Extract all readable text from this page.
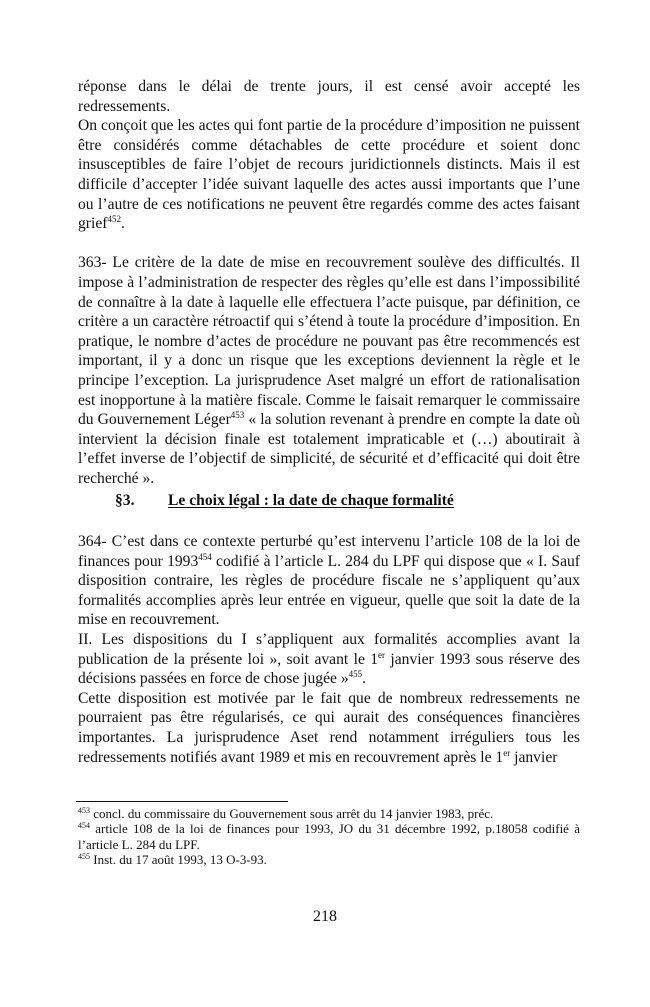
réponse dans le délai de trente jours, il est censé avoir accepté les redressements.

On conçoit que les actes qui font partie de la procédure d’imposition ne puissent être considérés comme détachables de cette procédure et soient donc insusceptibles de faire l’objet de recours juridictionnels distincts. Mais il est difficile d’accepter l’idée suivant laquelle des actes aussi importants que l’une ou l’autre de ces notifications ne peuvent être regardés comme des actes faisant grief$^{452}$.

363- Le critère de la date de mise en recouvrement soulève des difficultés. Il impose à l’administration de respecter des règles qu’elle est dans l’impossibilité de connaître à la date à laquelle elle effectuera l’acte puisque, par définition, ce critère a un caractère rétroactif qui s’étend à toute la procédure d’imposition. En pratique, le nombre d’actes de procédure ne pouvant pas être recommencés est important, il y a donc un risque que les exceptions deviennent la règle et le principe l’exception. La jurisprudence Aset malgré un effort de rationalisation est inopportune à la matière fiscale. Comme le faisait remarquer le commissaire du Gouvernement Léger$^{453}$ « la solution revenant à prendre en compte la date où intervient la décision finale est totalement impraticable et (…) aboutirait à l’effet inverse de l’objectif de simplicité, de sécurité et d’efficacité qui doit être recherché ».

§3. Le choix légal : la date de chaque formalité

364- C’est dans ce contexte perturbé qu’est intervenu l’article 108 de la loi de finances pour 1993$^{454}$ codifié à l’article L. 284 du LPF qui dispose que « I. Sauf disposition contraire, les règles de procédure fiscale ne s’appliquent qu’aux formalités accomplies après leur entrée en vigueur, quelle que soit la date de la mise en recouvrement.

II. Les dispositions du I s’appliquent aux formalités accomplies avant la publication de la présente loi », soit avant le 1er janvier 1993 sous réserve des décisions passées en force de chose jugée »$^{455}$.

Cette disposition est motivée par le fait que de nombreux redressements ne pourraient pas être régularisés, ce qui aurait des conséquences financières importantes. La jurisprudence Aset rend notamment irréguliers tous les redressements notifiés avant 1989 et mis en recouvrement après le 1er janvier

$^{453}$ concl. du commissaire du Gouvernement sous arrêt du 14 janvier 1983, préc.

$^{454}$ article 108 de la loi de finances pour 1993, JO du 31 décembre 1992, p.18058 codifié à l’article L. 284 du LPF.

$^{455}$ Inst. du 17 août 1993, 13 O-3-93.

218
